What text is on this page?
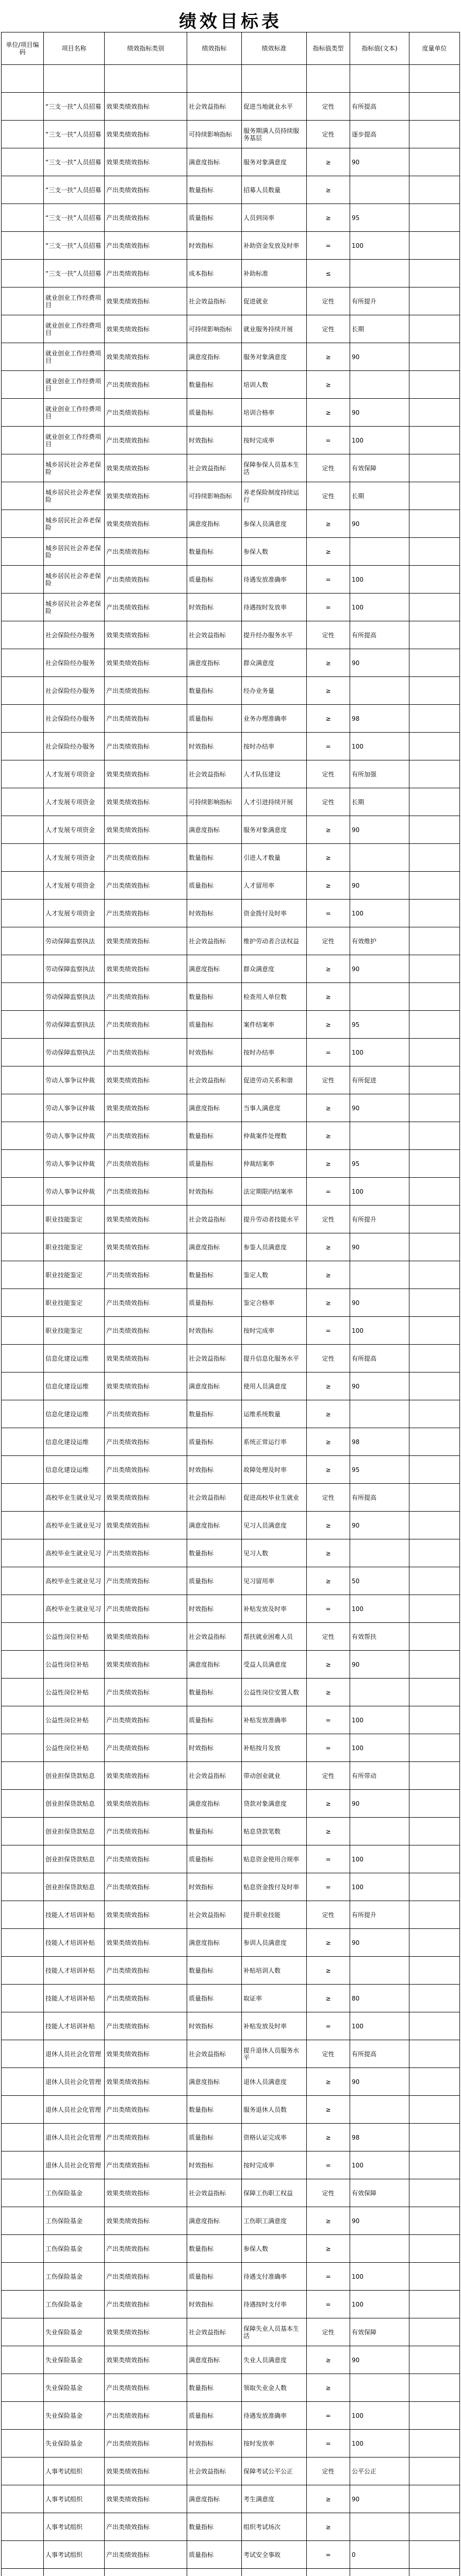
绩效目标表
单位/项目编码	项目名称	绩效指标类别	绩效指标	绩效标准	指标值类型	指标值(文本)	度量单位

	“三支一扶”人员招募	效果类绩效指标	社会效益指标	促进当地就业水平	定性	有所提高	
	“三支一扶”人员招募	效果类绩效指标	可持续影响指标	服务期满人员持续服务基层	定性	逐步提高	
	“三支一扶”人员招募	效果类绩效指标	满意度指标	服务对象满意度	≥	90	
	“三支一扶”人员招募	产出类绩效指标	数量指标	招募人员数量	≥		
	“三支一扶”人员招募	产出类绩效指标	质量指标	人员到岗率	≥	95	
	“三支一扶”人员招募	产出类绩效指标	时效指标	补助资金发放及时率	=	100	
	“三支一扶”人员招募	产出类绩效指标	成本指标	补助标准	≤		
	就业创业工作经费项目	效果类绩效指标	社会效益指标	促进就业	定性	有所提升	
	就业创业工作经费项目	效果类绩效指标	可持续影响指标	就业服务持续开展	定性	长期	
	就业创业工作经费项目	效果类绩效指标	满意度指标	服务对象满意度	≥	90	
	就业创业工作经费项目	产出类绩效指标	数量指标	培训人数	≥		
	就业创业工作经费项目	产出类绩效指标	质量指标	培训合格率	≥	90	
	就业创业工作经费项目	产出类绩效指标	时效指标	按时完成率	=	100	
	城乡居民社会养老保险	效果类绩效指标	社会效益指标	保障参保人员基本生活	定性	有效保障	
	城乡居民社会养老保险	效果类绩效指标	可持续影响指标	养老保险制度持续运行	定性	长期	
	城乡居民社会养老保险	效果类绩效指标	满意度指标	参保人员满意度	≥	90	
	城乡居民社会养老保险	产出类绩效指标	数量指标	参保人数	≥		
	城乡居民社会养老保险	产出类绩效指标	质量指标	待遇发放准确率	=	100	
	城乡居民社会养老保险	产出类绩效指标	时效指标	待遇按时发放率	=	100	
	社会保险经办服务	效果类绩效指标	社会效益指标	提升经办服务水平	定性	有所提高	
	社会保险经办服务	效果类绩效指标	满意度指标	群众满意度	≥	90	
	社会保险经办服务	产出类绩效指标	数量指标	经办业务量	≥		
	社会保险经办服务	产出类绩效指标	质量指标	业务办理准确率	≥	98	
	社会保险经办服务	产出类绩效指标	时效指标	按时办结率	=	100	
	人才发展专项资金	效果类绩效指标	社会效益指标	人才队伍建设	定性	有所加强	
	人才发展专项资金	效果类绩效指标	可持续影响指标	人才引进持续开展	定性	长期	
	人才发展专项资金	效果类绩效指标	满意度指标	服务对象满意度	≥	90	
	人才发展专项资金	产出类绩效指标	数量指标	引进人才数量	≥		
	人才发展专项资金	产出类绩效指标	质量指标	人才留用率	≥	90	
	人才发展专项资金	产出类绩效指标	时效指标	资金拨付及时率	=	100	
	劳动保障监察执法	效果类绩效指标	社会效益指标	维护劳动者合法权益	定性	有效维护	
	劳动保障监察执法	效果类绩效指标	满意度指标	群众满意度	≥	90	
	劳动保障监察执法	产出类绩效指标	数量指标	检查用人单位数	≥		
	劳动保障监察执法	产出类绩效指标	质量指标	案件结案率	≥	95	
	劳动保障监察执法	产出类绩效指标	时效指标	按时办结率	=	100	
	劳动人事争议仲裁	效果类绩效指标	社会效益指标	促进劳动关系和谐	定性	有所促进	
	劳动人事争议仲裁	效果类绩效指标	满意度指标	当事人满意度	≥	90	
	劳动人事争议仲裁	产出类绩效指标	数量指标	仲裁案件处理数	≥		
	劳动人事争议仲裁	产出类绩效指标	质量指标	仲裁结案率	≥	95	
	劳动人事争议仲裁	产出类绩效指标	时效指标	法定期限内结案率	=	100	
	职业技能鉴定	效果类绩效指标	社会效益指标	提升劳动者技能水平	定性	有所提升	
	职业技能鉴定	效果类绩效指标	满意度指标	参鉴人员满意度	≥	90	
	职业技能鉴定	产出类绩效指标	数量指标	鉴定人数	≥		
	职业技能鉴定	产出类绩效指标	质量指标	鉴定合格率	≥	90	
	职业技能鉴定	产出类绩效指标	时效指标	按时完成率	=	100	
	信息化建设运维	效果类绩效指标	社会效益指标	提升信息化服务水平	定性	有所提高	
	信息化建设运维	效果类绩效指标	满意度指标	使用人员满意度	≥	90	
	信息化建设运维	产出类绩效指标	数量指标	运维系统数量	≥		
	信息化建设运维	产出类绩效指标	质量指标	系统正常运行率	≥	98	
	信息化建设运维	产出类绩效指标	时效指标	故障处理及时率	≥	95	
	高校毕业生就业见习	效果类绩效指标	社会效益指标	促进高校毕业生就业	定性	有所提高	
	高校毕业生就业见习	效果类绩效指标	满意度指标	见习人员满意度	≥	90	
	高校毕业生就业见习	产出类绩效指标	数量指标	见习人数	≥		
	高校毕业生就业见习	产出类绩效指标	质量指标	见习留用率	≥	50	
	高校毕业生就业见习	产出类绩效指标	时效指标	补贴发放及时率	=	100	
	公益性岗位补贴	效果类绩效指标	社会效益指标	帮扶就业困难人员	定性	有效帮扶	
	公益性岗位补贴	效果类绩效指标	满意度指标	受益人员满意度	≥	90	
	公益性岗位补贴	产出类绩效指标	数量指标	公益性岗位安置人数	≥		
	公益性岗位补贴	产出类绩效指标	质量指标	补贴发放准确率	=	100	
	公益性岗位补贴	产出类绩效指标	时效指标	补贴按月发放	=	100	
	创业担保贷款贴息	效果类绩效指标	社会效益指标	带动创业就业	定性	有所带动	
	创业担保贷款贴息	效果类绩效指标	满意度指标	贷款对象满意度	≥	90	
	创业担保贷款贴息	产出类绩效指标	数量指标	贴息贷款笔数	≥		
	创业担保贷款贴息	产出类绩效指标	质量指标	贴息资金使用合规率	=	100	
	创业担保贷款贴息	产出类绩效指标	时效指标	贴息资金拨付及时率	=	100	
	技能人才培训补贴	效果类绩效指标	社会效益指标	提升职业技能	定性	有所提升	
	技能人才培训补贴	效果类绩效指标	满意度指标	参训人员满意度	≥	90	
	技能人才培训补贴	产出类绩效指标	数量指标	补贴培训人数	≥		
	技能人才培训补贴	产出类绩效指标	质量指标	取证率	≥	80	
	技能人才培训补贴	产出类绩效指标	时效指标	补贴发放及时率	=	100	
	退休人员社会化管理	效果类绩效指标	社会效益指标	提升退休人员服务水平	定性	有所提高	
	退休人员社会化管理	效果类绩效指标	满意度指标	退休人员满意度	≥	90	
	退休人员社会化管理	产出类绩效指标	数量指标	服务退休人员数	≥		
	退休人员社会化管理	产出类绩效指标	质量指标	资格认证完成率	≥	98	
	退休人员社会化管理	产出类绩效指标	时效指标	按时完成率	=	100	
	工伤保险基金	效果类绩效指标	社会效益指标	保障工伤职工权益	定性	有效保障	
	工伤保险基金	效果类绩效指标	满意度指标	工伤职工满意度	≥	90	
	工伤保险基金	产出类绩效指标	数量指标	参保人数	≥		
	工伤保险基金	产出类绩效指标	质量指标	待遇支付准确率	=	100	
	工伤保险基金	产出类绩效指标	时效指标	待遇按时支付率	=	100	
	失业保险基金	效果类绩效指标	社会效益指标	保障失业人员基本生活	定性	有效保障	
	失业保险基金	效果类绩效指标	满意度指标	失业人员满意度	≥	90	
	失业保险基金	产出类绩效指标	数量指标	领取失业金人数	≥		
	失业保险基金	产出类绩效指标	质量指标	待遇发放准确率	=	100	
	失业保险基金	产出类绩效指标	时效指标	按时发放率	=	100	
	人事考试组织	效果类绩效指标	社会效益指标	保障考试公平公正	定性	公平公正	
	人事考试组织	效果类绩效指标	满意度指标	考生满意度	≥	90	
	人事考试组织	产出类绩效指标	数量指标	组织考试场次	≥		
	人事考试组织	产出类绩效指标	质量指标	考试安全事故	=	0	
